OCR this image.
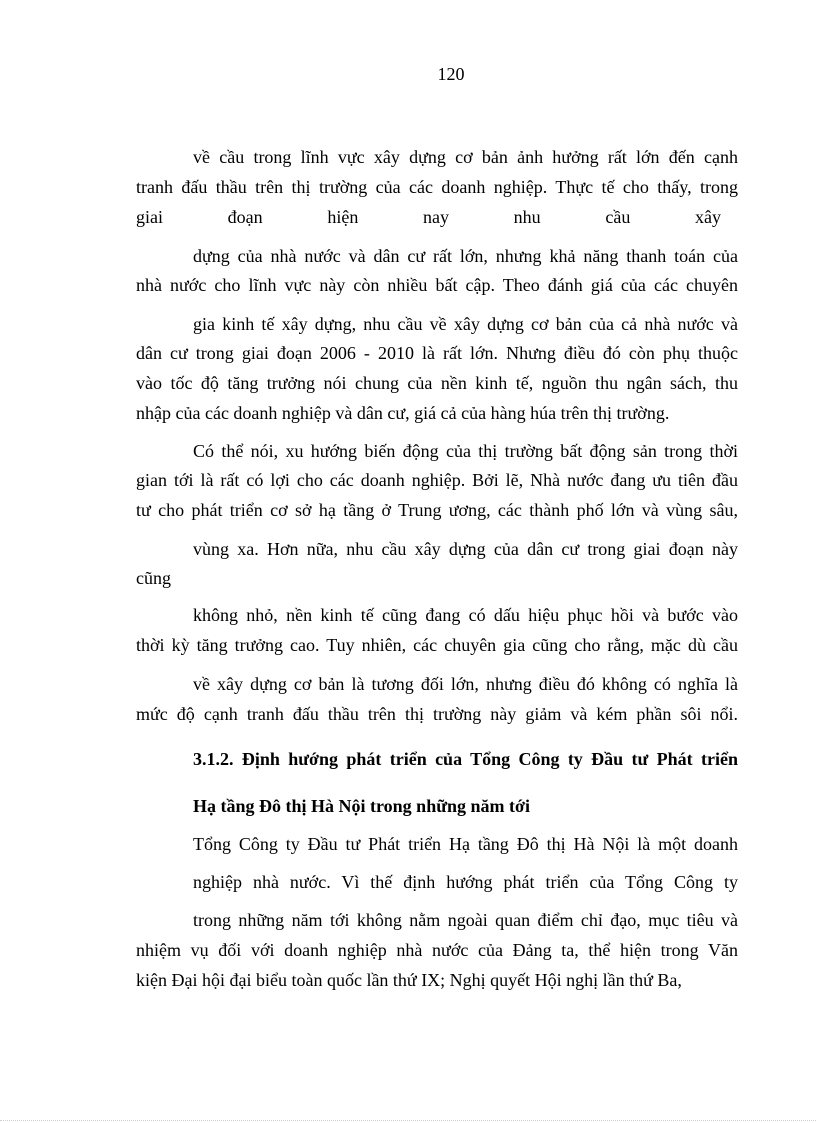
120
về cầu trong lĩnh vực xây dựng cơ bản ảnh hưởng rất lớn đến cạnh
tranh đấu thầu trên thị trường của các doanh nghiệp. Thực tế cho thấy, trong
giai đoạn hiện nay nhu cầu xây
dựng của nhà nước và dân cư rất lớn, nhưng khả năng thanh toán của
nhà nước cho lĩnh vực này còn nhiều bất cập. Theo đánh giá của các chuyên
gia kinh tế xây dựng, nhu cầu về xây dựng cơ bản của cả nhà nước và
dân cư trong giai đoạn 2006 - 2010 là rất lớn. Nhưng điều đó còn phụ thuộc
vào tốc độ tăng trưởng nói chung của nền kinh tế, nguồn thu ngân sách, thu
nhập của các doanh nghiệp và dân cư, giá cả của hàng húa trên thị trường.
Có thể nói, xu hướng biến động của thị trường bất động sản trong thời
gian tới là rất có lợi cho các doanh nghiệp. Bởi lẽ, Nhà nước đang ưu tiên đầu
tư cho phát triển cơ sở hạ tầng ở Trung ương, các thành phố lớn và vùng sâu,
vùng xa. Hơn nữa, nhu cầu xây dựng của dân cư trong giai đoạn này
cũng
không nhỏ, nền kinh tế cũng đang có dấu hiệu phục hồi và bước vào
thời kỳ tăng trưởng cao. Tuy nhiên, các chuyên gia cũng cho rằng, mặc dù cầu
về xây dựng cơ bản là tương đối lớn, nhưng điều đó không có nghĩa là
mức độ cạnh tranh đấu thầu trên thị trường này giảm và kém phần sôi nổi.
3.1.2. Định hướng phát triển của Tổng Công ty Đầu tư Phát triển
Hạ tầng Đô thị Hà Nội trong những năm tới
Tổng Công ty Đầu tư Phát triển Hạ tầng Đô thị Hà Nội là một doanh
nghiệp nhà nước. Vì thế định hướng phát triển của Tổng Công ty
trong những năm tới không nằm ngoài quan điểm chỉ đạo, mục tiêu và
nhiệm vụ đối với doanh nghiệp nhà nước của Đảng ta, thể hiện trong Văn
kiện Đại hội đại biểu toàn quốc lần thứ IX; Nghị quyết Hội nghị lần thứ Ba,
